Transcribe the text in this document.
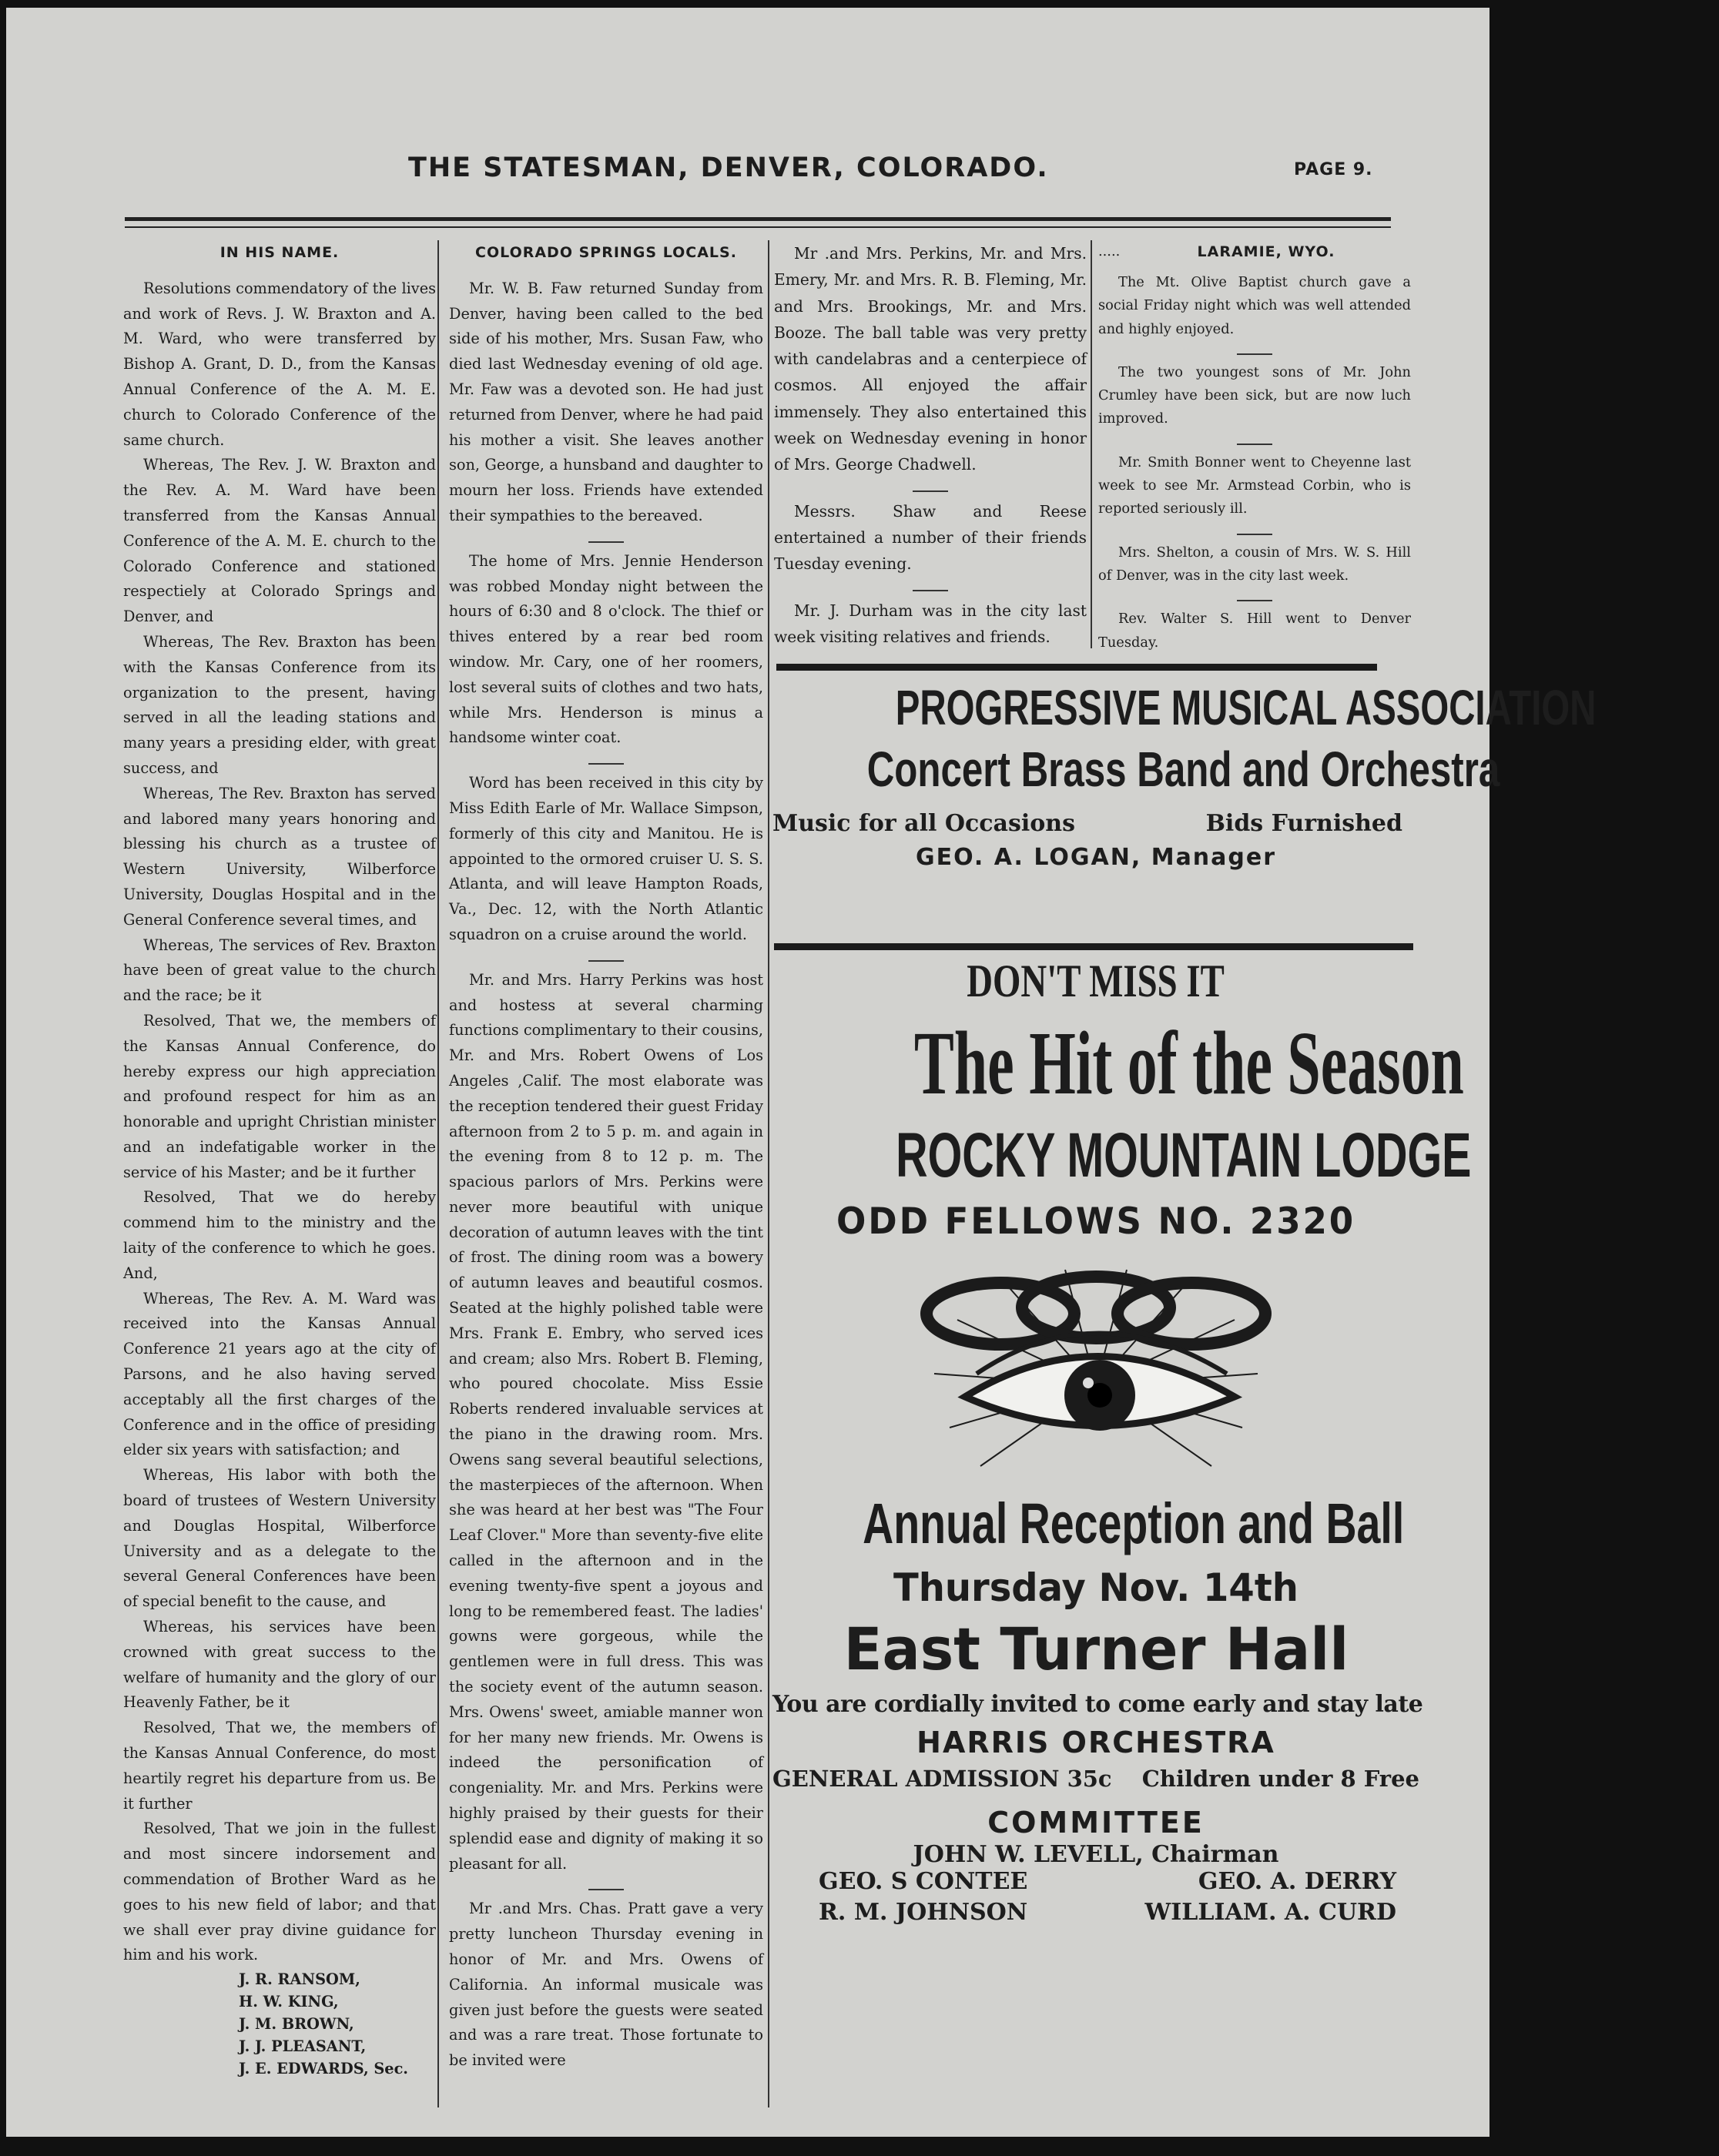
THE STATESMAN, DENVER, COLORADO.	PAGE 9.
IN HIS NAME.

Resolutions commendatory of the lives and work of Revs. J. W. Braxton and A. M. Ward, who were transferred by Bishop A. Grant, D. D., from the Kansas Annual Conference of the A. M. E. church to Colorado Conference of the same church.

Whereas, The Rev. J. W. Braxton and the Rev. A. M. Ward have been transferred from the Kansas Annual Conference of the A. M. E. church to the Colorado Conference and stationed respectiely at Colorado Springs and Denver, and

Whereas, The Rev. Braxton has been with the Kansas Conference from its organization to the present, having served in all the leading stations and many years a presiding elder, with great success, and

Whereas, The Rev. Braxton has served and labored many years honoring and blessing his church as a trustee of Western University, Wilberforce University, Douglas Hospital and in the General Conference several times, and

Whereas, The services of Rev. Braxton have been of great value to the church and the race; be it

Resolved, That we, the members of the Kansas Annual Conference, do hereby express our high appreciation and profound respect for him as an honorable and upright Christian minister and an indefatigable worker in the service of his Master; and be it further

Resolved, That we do hereby commend him to the ministry and the laity of the conference to which he goes. And,

Whereas, The Rev. A. M. Ward was received into the Kansas Annual Conference 21 years ago at the city of Parsons, and he also having served acceptably all the first charges of the Conference and in the office of presiding elder six years with satisfaction; and

Whereas, His labor with both the board of trustees of Western University and Douglas Hospital, Wilberforce University and as a delegate to the several General Conferences have been of special benefit to the cause, and

Whereas, his services have been crowned with great success to the welfare of humanity and the glory of our Heavenly Father, be it

Resolved, That we, the members of the Kansas Annual Conference, do most heartily regret his departure from us. Be it further

Resolved, That we join in the fullest and most sincere indorsement and commendation of Brother Ward as he goes to his new field of labor; and that we shall ever pray divine guidance for him and his work.

J. R. RANSOM,
H. W. KING,
J. M. BROWN,
J. J. PLEASANT,
J. E. EDWARDS, Sec.
COLORADO SPRINGS LOCALS.

Mr. W. B. Faw returned Sunday from Denver, having been called to the bed side of his mother, Mrs. Susan Faw, who died last Wednesday evening of old age. Mr. Faw was a devoted son. He had just returned from Denver, where he had paid his mother a visit. She leaves another son, George, a hunsband and daughter to mourn her loss. Friends have extended their sympathies to the bereaved.

The home of Mrs. Jennie Henderson was robbed Monday night between the hours of 6:30 and 8 o'clock. The thief or thives entered by a rear bed room window. Mr. Cary, one of her roomers, lost several suits of clothes and two hats, while Mrs. Henderson is minus a handsome winter coat.

Word has been received in this city by Miss Edith Earle of Mr. Wallace Simpson, formerly of this city and Manitou. He is appointed to the ormored cruiser U. S. S. Atlanta, and will leave Hampton Roads, Va., Dec. 12, with the North Atlantic squadron on a cruise around the world.

Mr. and Mrs. Harry Perkins was host and hostess at several charming functions complimentary to their cousins, Mr. and Mrs. Robert Owens of Los Angeles ,Calif. The most elaborate was the reception tendered their guest Friday afternoon from 2 to 5 p. m. and again in the evening from 8 to 12 p. m. The spacious parlors of Mrs. Perkins were never more beautiful with unique decoration of autumn leaves with the tint of frost. The dining room was a bowery of autumn leaves and beautiful cosmos. Seated at the highly polished table were Mrs. Frank E. Embry, who served ices and cream; also Mrs. Robert B. Fleming, who poured chocolate. Miss Essie Roberts rendered invaluable services at the piano in the drawing room. Mrs. Owens sang several beautiful selections, the masterpieces of the afternoon. When she was heard at her best was "The Four Leaf Clover." More than seventy-five elite called in the afternoon and in the evening twenty-five spent a joyous and long to be remembered feast. The ladies' gowns were gorgeous, while the gentlemen were in full dress. This was the society event of the autumn season. Mrs. Owens' sweet, amiable manner won for her many new friends. Mr. Owens is indeed the personification of congeniality. Mr. and Mrs. Perkins were highly praised by their guests for their splendid ease and dignity of making it so pleasant for all.

Mr .and Mrs. Chas. Pratt gave a very pretty luncheon Thursday evening in honor of Mr. and Mrs. Owens of California. An informal musicale was given just before the guests were seated and was a rare treat. Those fortunate to be invited were

Mr .and Mrs. Perkins, Mr. and Mrs. Emery, Mr. and Mrs. R. B. Fleming, Mr. and Mrs. Brookings, Mr. and Mrs. Booze. The ball table was very pretty with candelabras and a centerpiece of cosmos. All enjoyed the affair immensely. They also entertained this week on Wednesday evening in honor of Mrs. George Chadwell.

Messrs. Shaw and Reese entertained a number of their friends Tuesday evening.

Mr. J. Durham was in the city last week visiting relatives and friends.

.....	LARAMIE, WYO.

The Mt. Olive Baptist church gave a social Friday night which was well attended and highly enjoyed.

The two youngest sons of Mr. John Crumley have been sick, but are now luch improved.

Mr. Smith Bonner went to Cheyenne last week to see Mr. Armstead Corbin, who is reported seriously ill.

Mrs. Shelton, a cousin of Mrs. W. S. Hill of Denver, was in the city last week.

Rev. Walter S. Hill went to Denver Tuesday.

PROGRESSIVE MUSICAL ASSOCIATION
Concert Brass Band and Orchestra
Music for all Occasions	Bids Furnished
GEO. A. LOGAN, Manager
DON'T MISS IT
The Hit of the Season
ROCKY MOUNTAIN LODGE
ODD FELLOWS NO. 2320
Annual Reception and Ball
Thursday Nov. 14th
East Turner Hall
You are cordially invited to come early and stay late
HARRIS ORCHESTRA
GENERAL ADMISSION 35c Children under 8 Free
COMMITTEE
JOHN W. LEVELL, Chairman
GEO. S CONTEE	GEO. A. DERRY
R. M. JOHNSON	WILLIAM. A. CURD
